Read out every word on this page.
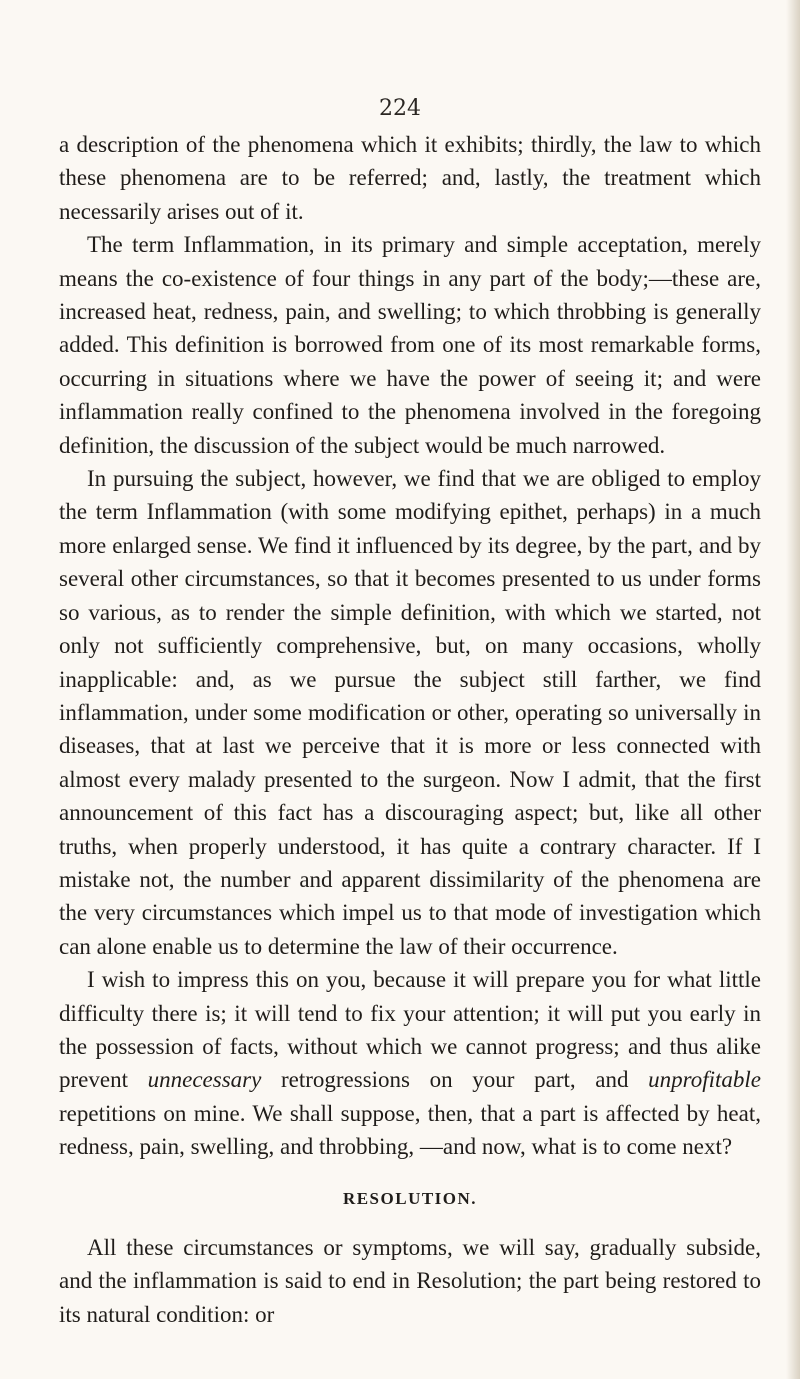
224

a description of the phenomena which it exhibits; thirdly, the law to which these phenomena are to be referred; and, lastly, the treatment which necessarily arises out of it.

The term Inflammation, in its primary and simple acceptation, merely means the co-existence of four things in any part of the body;—these are, increased heat, redness, pain, and swelling; to which throbbing is generally added. This definition is borrowed from one of its most remarkable forms, occurring in situations where we have the power of seeing it; and were inflammation really confined to the phenomena involved in the foregoing definition, the discussion of the subject would be much narrowed.

In pursuing the subject, however, we find that we are obliged to employ the term Inflammation (with some modifying epithet, perhaps) in a much more enlarged sense. We find it influenced by its degree, by the part, and by several other circumstances, so that it becomes presented to us under forms so various, as to render the simple definition, with which we started, not only not sufficiently comprehensive, but, on many occasions, wholly inapplicable: and, as we pursue the subject still farther, we find inflammation, under some modification or other, operating so universally in diseases, that at last we perceive that it is more or less connected with almost every malady presented to the surgeon. Now I admit, that the first announcement of this fact has a discouraging aspect; but, like all other truths, when properly understood, it has quite a contrary character. If I mistake not, the number and apparent dissimilarity of the phenomena are the very circumstances which impel us to that mode of investigation which can alone enable us to determine the law of their occurrence.

I wish to impress this on you, because it will prepare you for what little difficulty there is; it will tend to fix your attention; it will put you early in the possession of facts, without which we cannot progress; and thus alike prevent unnecessary retrogressions on your part, and unprofitable repetitions on mine. We shall suppose, then, that a part is affected by heat, redness, pain, swelling, and throbbing, —and now, what is to come next?

RESOLUTION.

All these circumstances or symptoms, we will say, gradually subside, and the inflammation is said to end in Resolution; the part being restored to its natural condition: or
